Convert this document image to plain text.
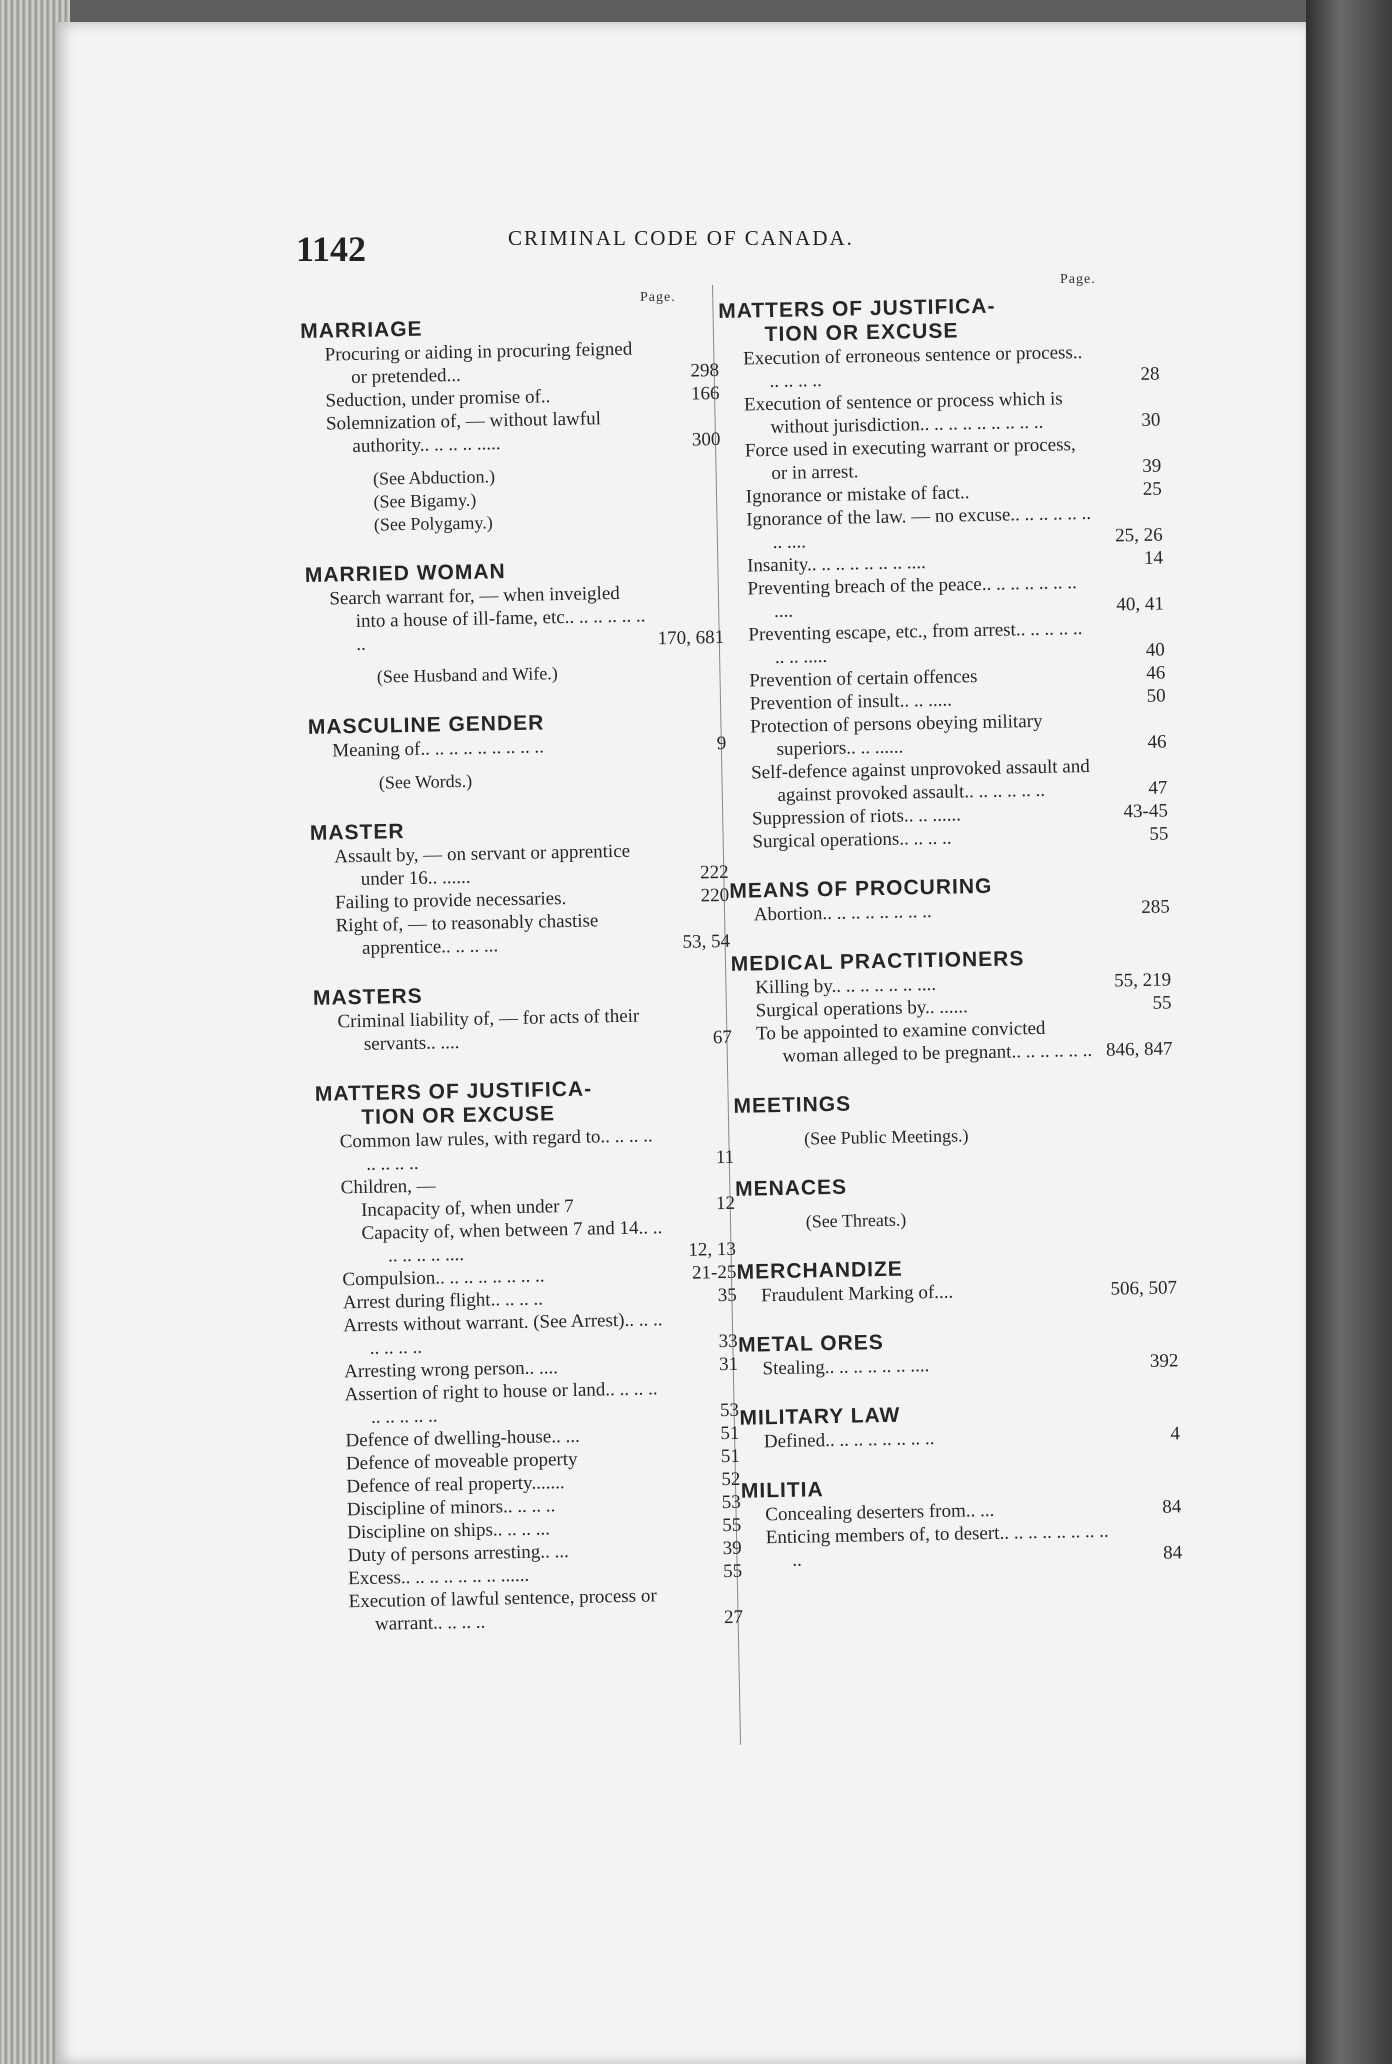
1142	CRIMINAL CODE OF CANADA.
Page.
Page.
MARRIAGE
Procuring or aiding in procuring feigned or pretended...	298
Seduction, under promise of..	166
Solemnization of, — without lawful authority.. .. .. .. .....	300
(See Abduction.)
(See Bigamy.)
(See Polygamy.)
MARRIED WOMAN
Search warrant for, — when inveigled into a house of ill-fame, etc.. .. .. .. .. .. ..	170, 681
(See Husband and Wife.)
MASCULINE GENDER
Meaning of.. .. .. .. .. .. .. .. ..	9
(See Words.)
MASTER
Assault by, — on servant or apprentice under 16.. ......	222
Failing to provide necessaries.	220
Right of, — to reasonably chastise apprentice.. .. .. ...	53, 54
MASTERS
Criminal liability of, — for acts of their servants.. ....	67
MATTERS OF JUSTIFICA-
TION OR EXCUSE
Common law rules, with regard to.. .. .. .. .. .. .. ..	11
Children, —
Incapacity of, when under 7	12
Capacity of, when between 7 and 14.. .. .. .. .. .. ....	12, 13
Compulsion.. .. .. .. .. .. .. ..	21-25
Arrest during flight.. .. .. ..	35
Arrests without warrant. (See Arrest).. .. .. .. .. .. ..	33
Arresting wrong person.. ....	31
Assertion of right to house or land.. .. .. .. .. .. .. .. ..	53
Defence of dwelling-house.. ...	51
Defence of moveable property	51
Defence of real property.......	52
Discipline of minors.. .. .. ..	53
Discipline on ships.. .. .. ...	55
Duty of persons arresting.. ...	39
Excess.. .. .. .. .. .. .. ......	55
Execution of lawful sentence, process or warrant.. .. .. ..	27
MATTERS OF JUSTIFICA-
TION OR EXCUSE
Execution of erroneous sentence or process.. .. .. .. ..	28
Execution of sentence or process which is without jurisdiction.. .. .. .. .. .. .. .. ..	30
Force used in executing warrant or process, or in arrest.	39
Ignorance or mistake of fact..	25
Ignorance of the law. — no excuse.. .. .. .. .. .. .. ....	25, 26
Insanity.. .. .. .. .. .. .. ....	14
Preventing breach of the peace.. .. .. .. .. .. .. ....	40, 41
Preventing escape, etc., from arrest.. .. .. .. .. .. .. .....	40
Prevention of certain offences	46
Prevention of insult.. .. .....	50
Protection of persons obeying military superiors.. .. ......	46
Self-defence against unprovoked assault and against provoked assault.. .. .. .. .. ..	47
Suppression of riots.. .. ......	43-45
Surgical operations.. .. .. ..	55
MEANS OF PROCURING
Abortion.. .. .. .. .. .. .. ..	285
MEDICAL PRACTITIONERS
Killing by.. .. .. .. .. .. ....	55, 219
Surgical operations by.. ......	55
To be appointed to examine convicted woman alleged to be pregnant.. .. .. .. .. .. 846, 847
MEETINGS
(See Public Meetings.)
MENACES
(See Threats.)
MERCHANDIZE
Fraudulent Marking of....	506, 507
METAL ORES
Stealing.. .. .. .. .. .. ....	392
MILITARY LAW
Defined.. .. .. .. .. .. .. ..	4
MILITIA
Concealing deserters from.. ...	84
Enticing members of, to desert.. .. .. .. .. .. .. .. ..	84
